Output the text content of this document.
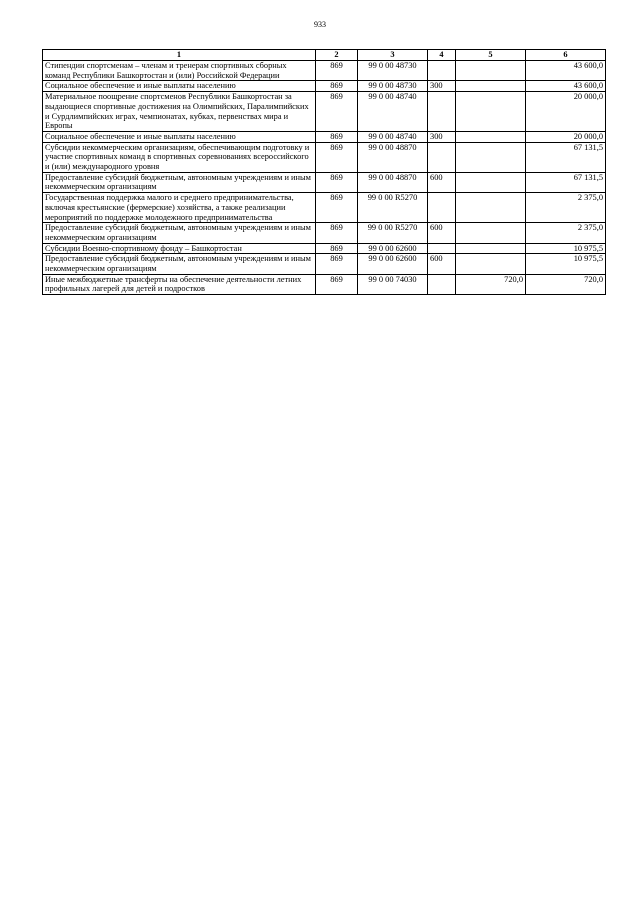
933
1	2	3	4	5	6
Стипендии спортсменам – членам и тренерам спортивных сборных команд Республики Башкортостан и (или) Российской Федерации	869	99 0 00 48730			43 600,0
Социальное обеспечение и иные выплаты населению	869	99 0 00 48730	300		43 600,0
Материальное поощрение спортсменов Республики Башкортостан за выдающиеся спортивные достижения на Олимпийских, Паралимпийских и Сурдлимпийских играх, чемпионатах, кубках, первенствах мира и Европы	869	99 0 00 48740			20 000,0
Социальное обеспечение и иные выплаты населению	869	99 0 00 48740	300		20 000,0
Субсидии некоммерческим организациям, обеспечивающим подготовку и участие спортивных команд в спортивных соревнованиях всероссийского и (или) международного уровня	869	99 0 00 48870			67 131,5
Предоставление субсидий бюджетным, автономным учреждениям и иным некоммерческим организациям	869	99 0 00 48870	600		67 131,5
Государственная поддержка малого и среднего предпринимательства, включая крестьянские (фермерские) хозяйства, а также реализации мероприятий по поддержке молодежного предпринимательства	869	99 0 00 R5270			2 375,0
Предоставление субсидий бюджетным, автономным учреждениям и иным некоммерческим организациям	869	99 0 00 R5270	600		2 375,0
Субсидии Военно-спортивному фонду – Башкортостан	869	99 0 00 62600			10 975,5
Предоставление субсидий бюджетным, автономным учреждениям и иным некоммерческим организациям	869	99 0 00 62600	600		10 975,5
Иные межбюджетные трансферты на обеспечение деятельности летних профильных лагерей для детей и подростков	869	99 0 00 74030		720,0	720,0
